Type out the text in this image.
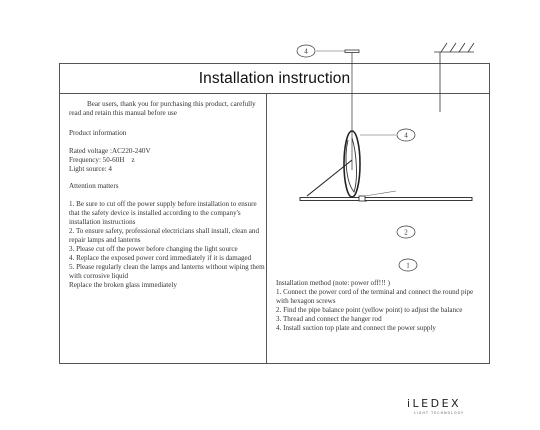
Installation instruction

Bear users, thank you for purchasing this product, carefully read and retain this manual before use

Product information

Rated voltage :AC220-240V

Frequency: 50-60H　z

Light source: 4

Attention matters

1. Be sure to cut off the power supply before installation to ensure that the safety device is installed according to the company's installation instructions

2. To ensure safety, professional electricians shall install, clean and repair lamps and lanterns

3. Please cut off the power before changing the light source

4. Replace the exposed power cord immediately if it is damaged

5. Please regularly clean the lamps and lanterns without wiping them with corrosive liquid

Replace the broken glass immediately	Installation method (note: power off!!! )

1. Connect the power cord of the terminal and connect the round pipe with hexagon screws

2. Find the pipe balance point (yellow point) to adjust the balance

3. Thread and connect the hanger rod

4. Install suction top plate and connect the power supply

4
4
2
1
iLEDEX
LIGHT TECHNOLOGY
